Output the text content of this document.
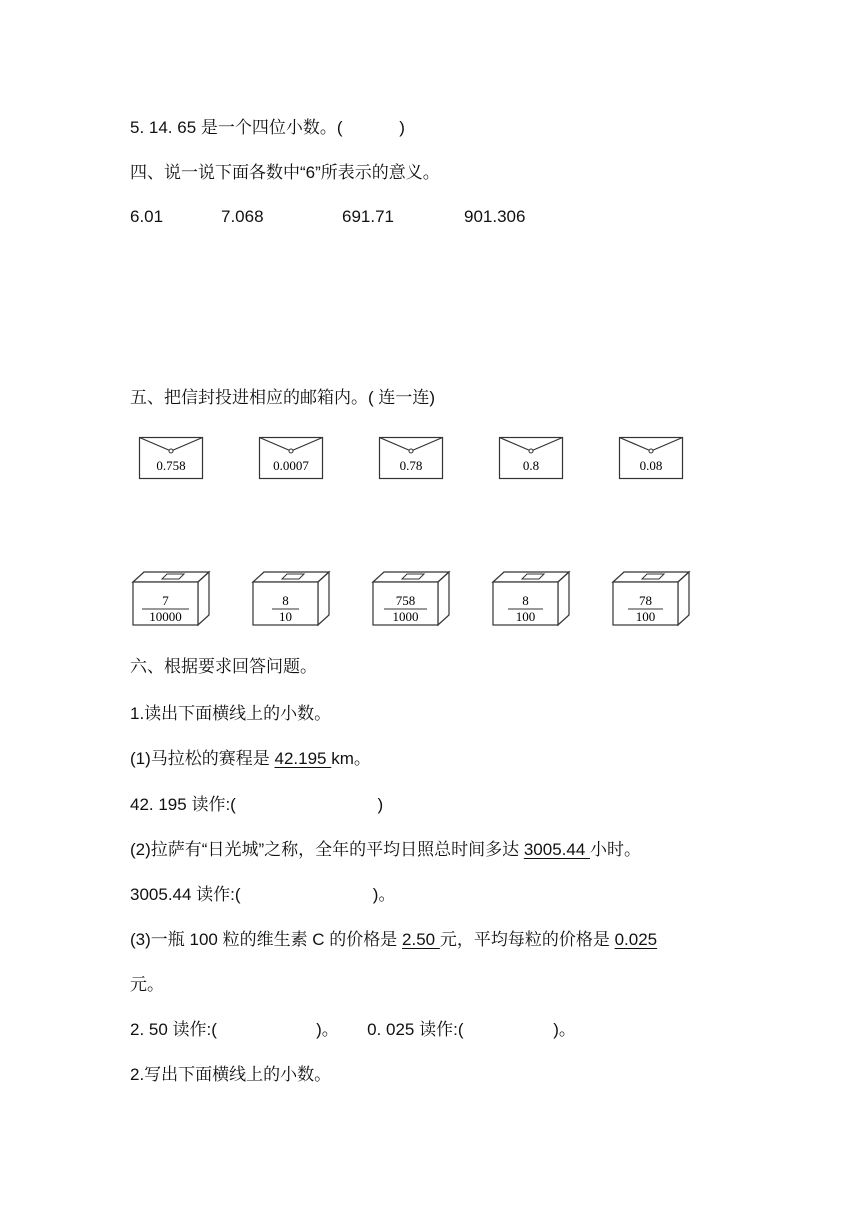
5. 14. 65 是一个四位小数。(            )
四、说一说下面各数中“6”所表示的意义。
6.01	7.068	691.71	901.306
五、把信封投进相应的邮箱内。( 连一连)
0.758	0.0007	0.78	0.8	0.08
7
10000
8
10
758
1000
8
100
78
100
六、根据要求回答问题。
1.读出下面横线上的小数。
(1)马拉松的赛程是 42.195 km。
42. 195 读作:(                              )
(2)拉萨有“日光城”之称，全年的平均日照总时间多达 3005.44 小时。
3005.44 读作:(                            )。
(3)一瓶 100 粒的维生素 C 的价格是 2.50 元，平均每粒的价格是 0.025
元。
2. 50 读作:(                     )。      0. 025 读作:(                   )。
2.写出下面横线上的小数。
